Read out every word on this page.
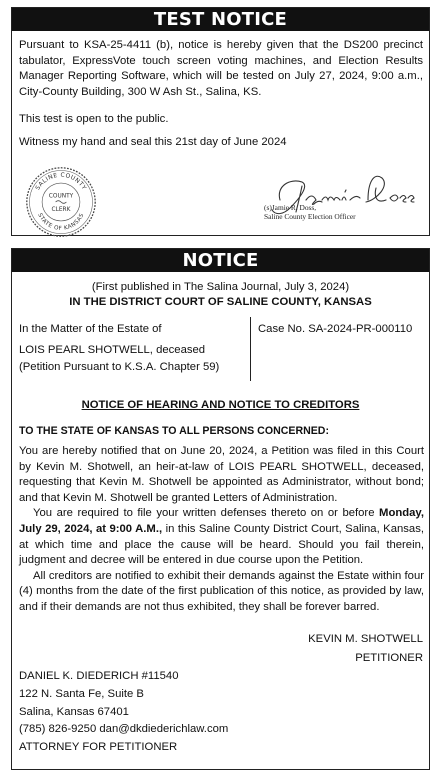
TEST NOTICE

Pursuant to KSA-25-4411 (b), notice is hereby given that the DS200 precinct tabulator, ExpressVote touch screen voting machines, and Election Results Manager Reporting Software, which will be tested on July 27, 2024, 9:00 a.m., City-County Building, 300 W Ash St., Salina, KS.

This test is open to the public.

Witness my hand and seal this 21st day of June 2024

SALINE COUNTY
STATE OF KANSAS
COUNTY
CLERK	(s)Jamie R. Doss,
Saline County Election Officer
NOTICE

(First published in The Salina Journal, July 3, 2024)

IN THE DISTRICT COURT OF SALINE COUNTY, KANSAS

In the Matter of the Estate of

LOIS PEARL SHOTWELL, deceased

(Petition Pursuant to K.S.A. Chapter 59)

Case No. SA-2024-PR-000110

NOTICE OF HEARING AND NOTICE TO CREDITORS

TO THE STATE OF KANSAS TO ALL PERSONS CONCERNED:

You are hereby notified that on June 20, 2024, a Petition was filed in this Court by Kevin M. Shotwell, an heir-at-law of LOIS PEARL SHOTWELL, deceased, requesting that Kevin M. Shotwell be appointed as Administrator, without bond; and that Kevin M. Shotwell be granted Letters of Administration.

You are required to file your written defenses thereto on or before Monday, July 29, 2024, at 9:00 A.M., in this Saline County District Court, Salina, Kansas, at which time and place the cause will be heard. Should you fail therein, judgment and decree will be entered in due course upon the Petition.

All creditors are notified to exhibit their demands against the Estate within four (4) months from the date of the first publication of this notice, as provided by law, and if their demands are not thus exhibited, they shall be forever barred.

KEVIN M. SHOTWELL

PETITIONER

DANIEL K. DIEDERICH #11540

122 N. Santa Fe, Suite B

Salina, Kansas 67401

(785) 826-9250 dan@dkdiederichlaw.com

ATTORNEY FOR PETITIONER
